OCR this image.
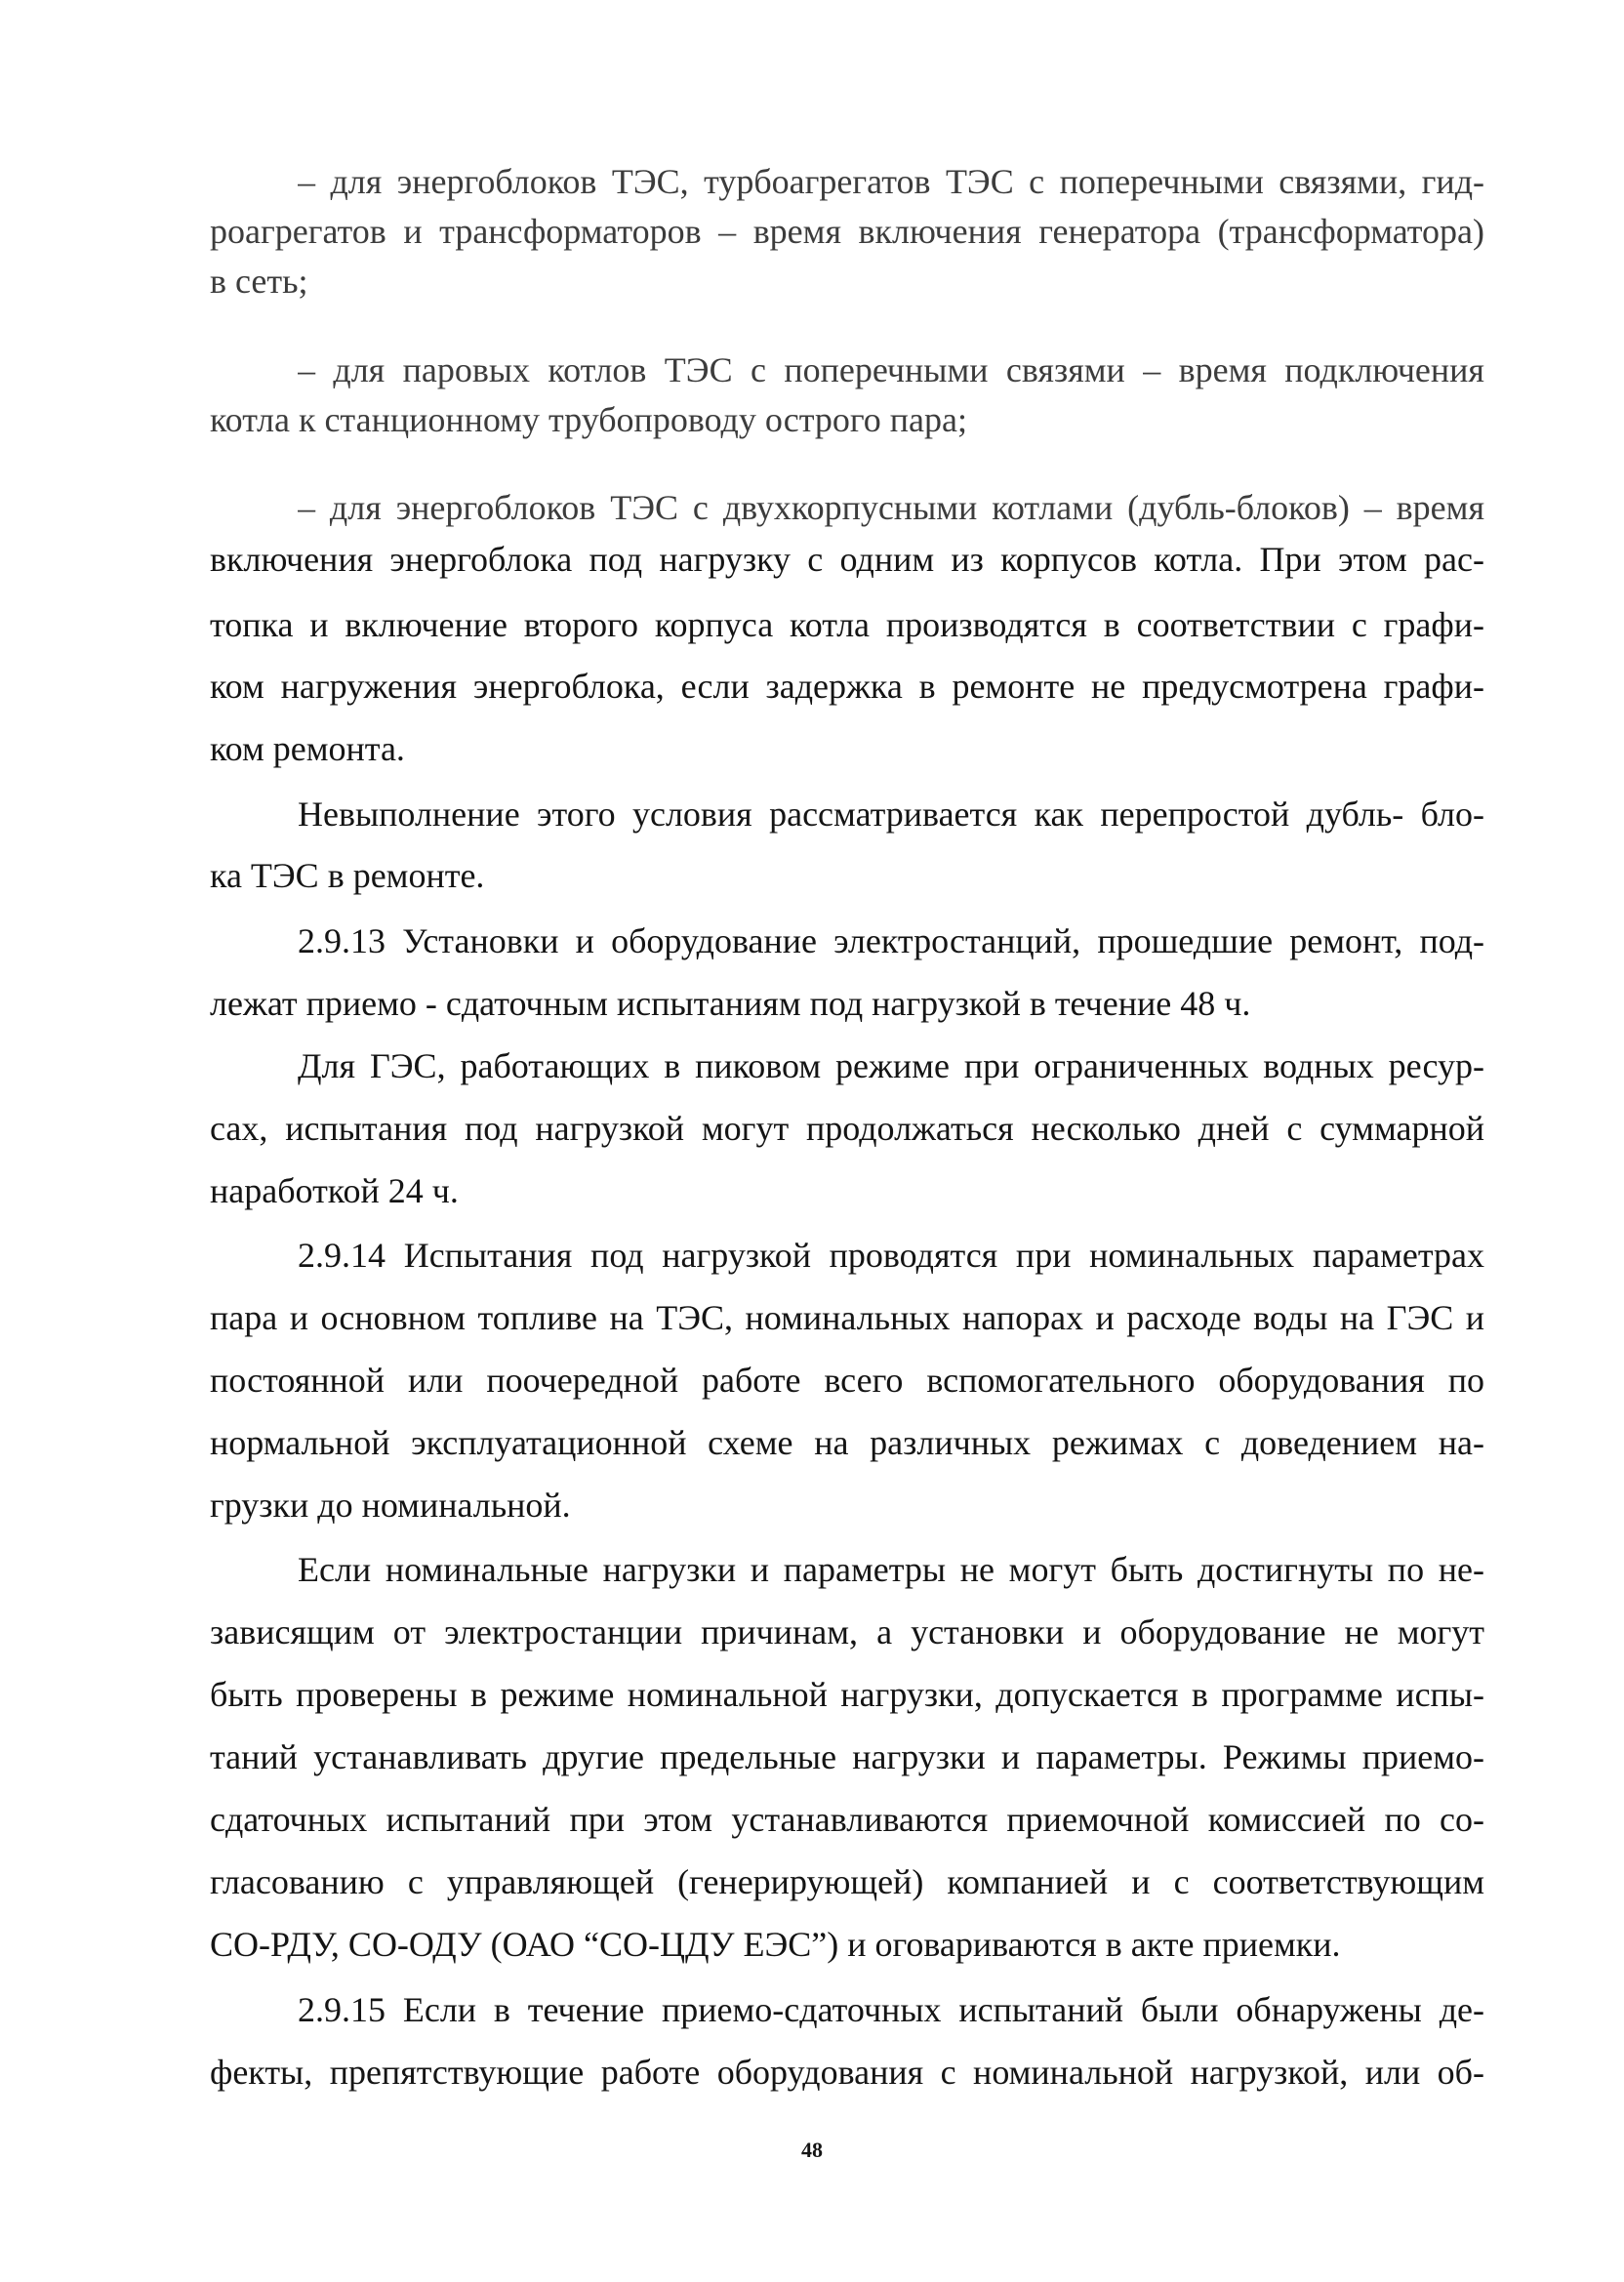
– для энергоблоков ТЭС, турбоагрегатов ТЭС с поперечными связями, гид-
роагрегатов и трансформаторов – время включения генератора (трансформатора)
в сеть;
– для паровых котлов ТЭС с поперечными связями – время подключения
котла к станционному трубопроводу острого пара;
– для энергоблоков ТЭС с двухкорпусными котлами (дубль-блоков) – время
включения энергоблока под нагрузку с одним из корпусов котла. При этом рас-
топка и включение второго корпуса котла производятся в соответствии с графи-
ком нагружения энергоблока, если задержка в ремонте не предусмотрена графи-
ком ремонта.
Невыполнение этого условия рассматривается как перепростой дубль- бло-
ка ТЭС в ремонте.
2.9.13 Установки и оборудование электростанций, прошедшие ремонт, под-
лежат приемо - сдаточным испытаниям под нагрузкой в течение 48 ч.
Для ГЭС, работающих в пиковом режиме при ограниченных водных ресур-
сах, испытания под нагрузкой могут продолжаться несколько дней с суммарной
наработкой 24 ч.
2.9.14 Испытания под нагрузкой проводятся при номинальных параметрах
пара и основном топливе на ТЭС, номинальных напорах и расходе воды на ГЭС и
постоянной или поочередной работе всего вспомогательного оборудования по
нормальной эксплуатационной схеме на различных режимах с доведением на-
грузки до номинальной.
Если номинальные нагрузки и параметры не могут быть достигнуты по не-
зависящим от электростанции причинам, а установки и оборудование не могут
быть проверены в режиме номинальной нагрузки, допускается в программе испы-
таний устанавливать другие предельные нагрузки и параметры. Режимы приемо-
сдаточных испытаний при этом устанавливаются приемочной комиссией по со-
гласованию с управляющей (генерирующей) компанией и с соответствующим
СО-РДУ, СО-ОДУ (ОАО “СО-ЦДУ ЕЭС”) и оговариваются в акте приемки.
2.9.15 Если в течение приемо-сдаточных испытаний были обнаружены де-
фекты, препятствующие работе оборудования с номинальной нагрузкой, или об-
48
